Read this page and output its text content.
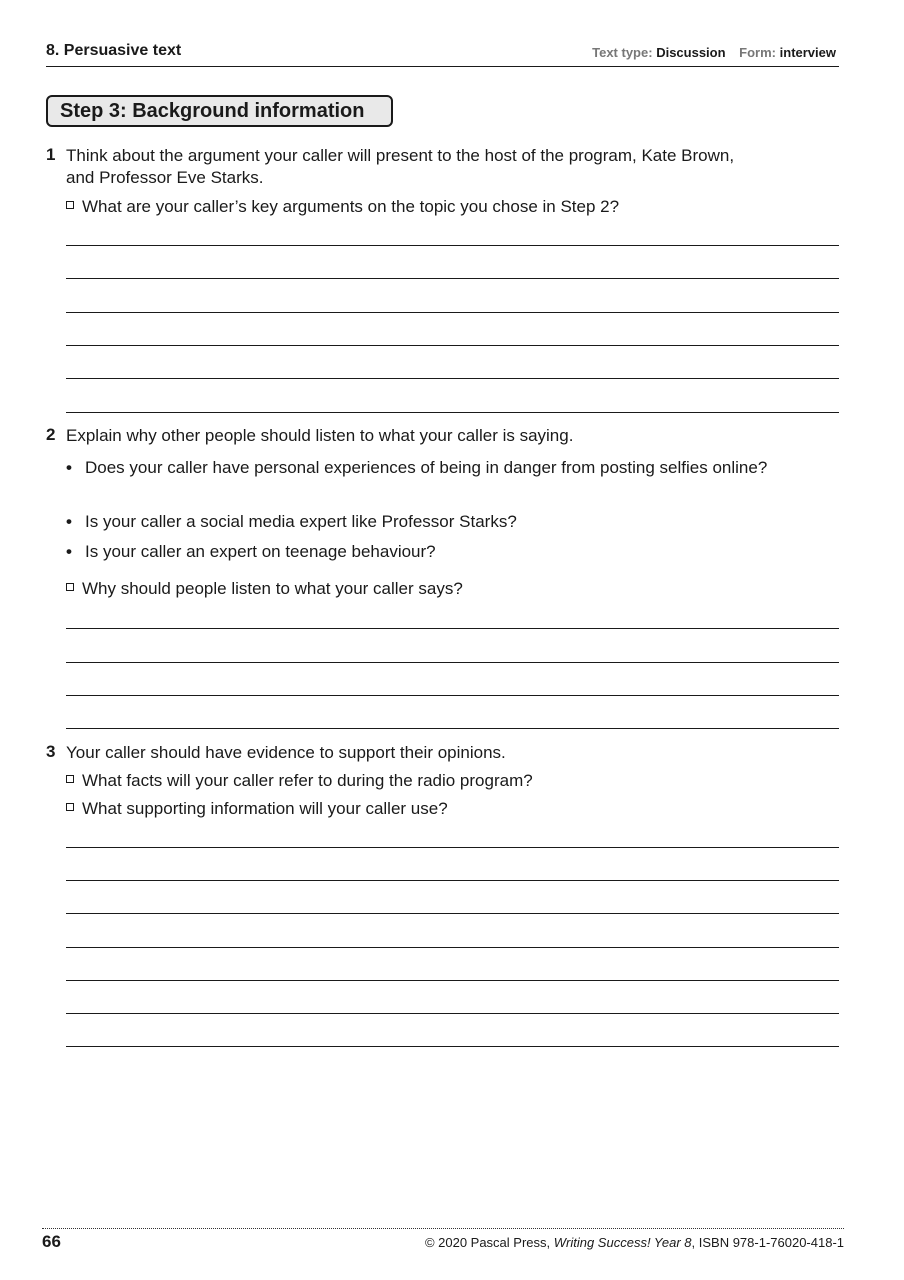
8. Persuasive text	Text type: Discussion Form: interview
Step 3: Background information
1 Think about the argument your caller will present to the host of the program, Kate Brown,
and Professor Eve Starks.
What are your caller’s key arguments on the topic you chose in Step 2?
2 Explain why other people should listen to what your caller is saying.
• Does your caller have personal experiences of being in danger from posting selfies online?
• Is your caller a social media expert like Professor Starks?
• Is your caller an expert on teenage behaviour?
Why should people listen to what your caller says?
3 Your caller should have evidence to support their opinions.
What facts will your caller refer to during the radio program?
What supporting information will your caller use?
66	© 2020 Pascal Press, Writing Success! Year 8, ISBN 978-1-76020-418-1
